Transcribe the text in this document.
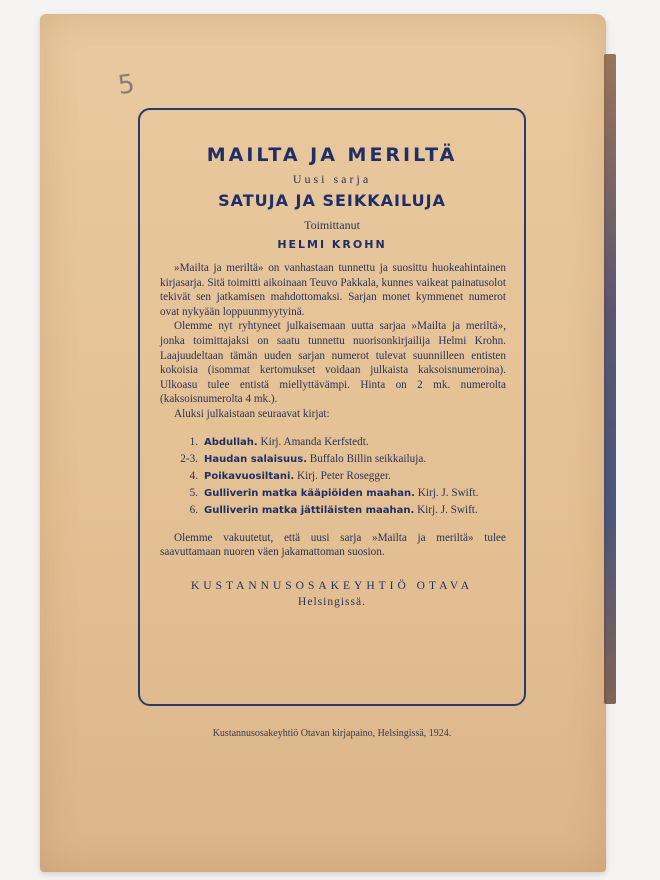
5
MAILTA JA MERILTÄ
Uusi sarja
SATUJA JA SEIKKAILUJA
Toimittanut
HELMI KROHN

»Mailta ja meriltä» on vanhastaan tunnettu ja suosittu huokeahintainen kirjasarja. Sitä toimitti aikoinaan Teuvo Pakkala, kunnes vaikeat painatusolot tekivät sen jatkamisen mahdottomaksi. Sarjan monet kymmenet numerot ovat nykyään loppuunmyytyinä.

Olemme nyt ryhtyneet julkaisemaan uutta sarjaa »Mailta ja meriltä», jonka toimittajaksi on saatu tunnettu nuorisonkirjailija Helmi Krohn. Laajuudeltaan tämän uuden sarjan numerot tulevat suunnilleen entisten kokoisia (isommat kertomukset voidaan julkaista kaksoisnumeroina). Ulkoasu tulee entistä miellyttävämpi. Hinta on 2 mk. numerolta (kaksoisnumerolta 4 mk.).

Aluksi julkaistaan seuraavat kirjat:

1. Abdullah. Kirj. Amanda Kerfstedt.
2-3. Haudan salaisuus. Buffalo Billin seikkailuja.
4. Poikavuosiltani. Kirj. Peter Rosegger.
5. Gulliverin matka kääpiöiden maahan. Kirj. J. Swift.
6. Gulliverin matka jättiläisten maahan. Kirj. J. Swift.

Olemme vakuutetut, että uusi sarja »Mailta ja meriltä» tulee saavuttamaan nuoren väen jakamattoman suosion.

KUSTANNUSOSAKEYHTIÖ OTAVA
Helsingissä.
Kustannusosakeyhtiö Otavan kirjapaino, Helsingissä, 1924.
